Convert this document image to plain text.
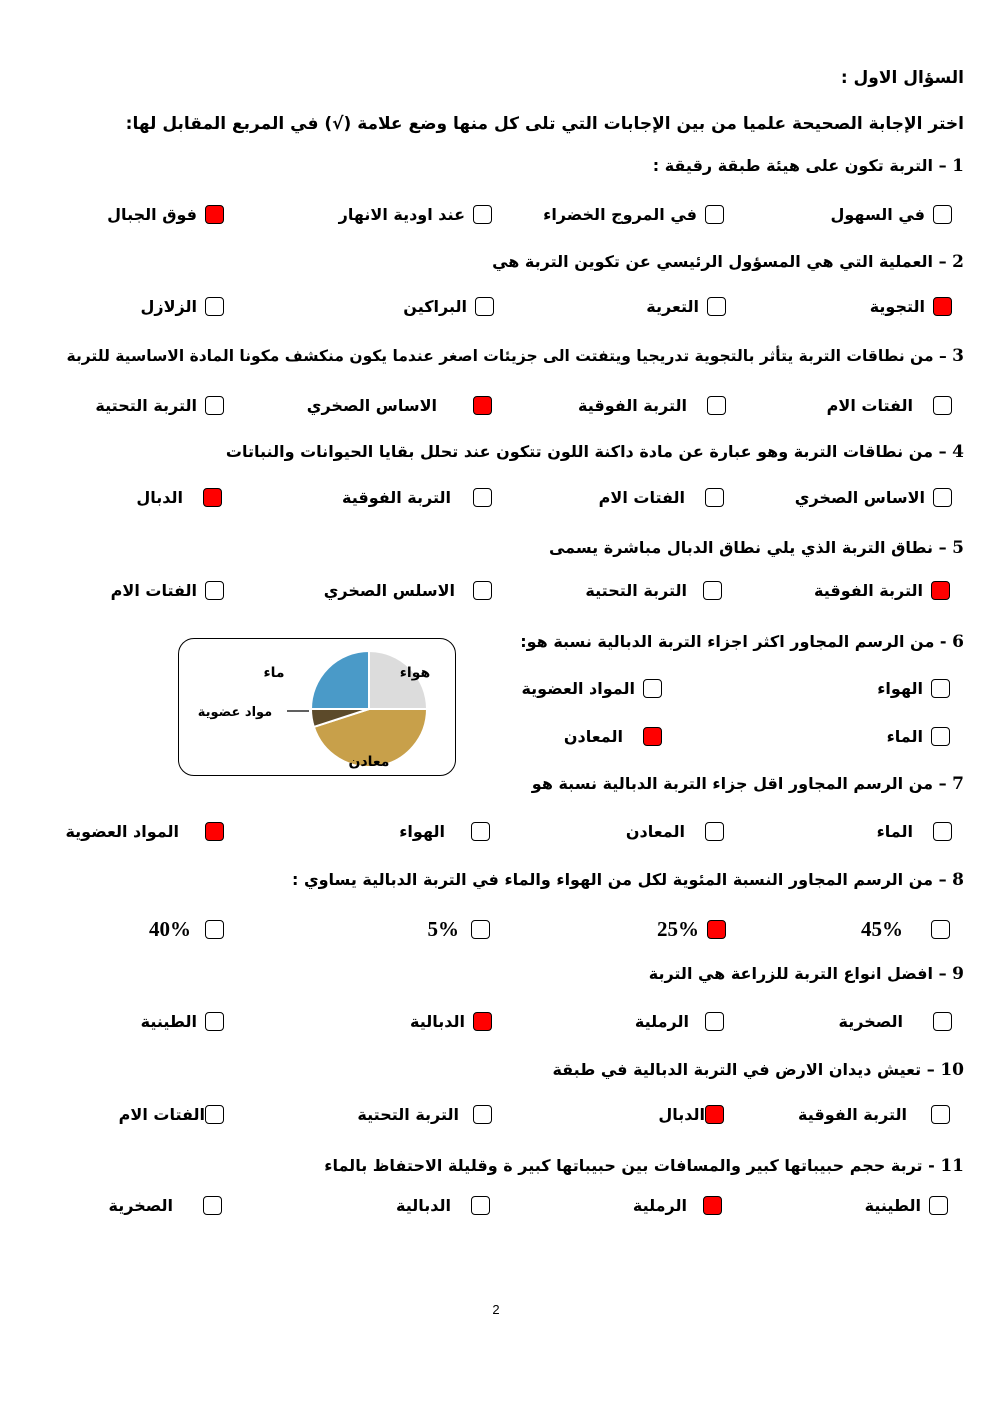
السؤال الاول :
اختر الإجابة الصحيحة علميا من بين الإجابات التي تلى كل منها وضع علامة (√) في المربع المقابل لها:
1 – التربة تكون على هيئة طبقة رقيقة :
2 – العملية التي هي المسؤول الرئيسي عن تكوين التربة هي
3 – من نطاقات التربة يتأثر بالتجوية تدريجيا ويتفتت الى جزيئات اصغر عندما يكون منكشف مكونا المادة الاساسية للتربة
4 – من نطاقات التربة وهو عبارة عن مادة داكنة اللون تتكون عند تحلل بقايا الحيوانات والنباتات
5 – نطاق التربة الذي يلي نطاق الدبال مباشرة يسمى
6 - من الرسم المجاور اكثر اجزاء التربة الدبالية نسبة هو:
7 – من الرسم المجاور اقل جزاء التربة الدبالية نسبة هو
8 – من الرسم المجاور النسبة المئوية لكل من الهواء والماء في التربة الدبالية يساوي :
9 – افضل انواع التربة للزراعة هي التربة
10 – تعيش ديدان الارض في التربة الدبالية في طبقة
11 - تربة حجم حبيباتها كبير والمسافات بين حبيباتها كبير ة وقليلة الاحتفاظ بالماء
في السهول
في المروج الخضراء
عند اودية الانهار
فوق الجبال
التجوية
التعرية
البراكين
الزلازل
الفتات الام
التربة الفوقية
الاساس الصخري
التربة التحتية
الاساس الصخري
الفتات الام
التربة الفوقية
الدبال
التربة الفوقية
التربة التحتية
الاسلس الصخري
الفتات الام
الهواء
المواد العضوية
الماء
المعادن
ماء	هواء
مواد عضوية
معادن
الماء
المعادن
الهواء
المواد العضوية
45%
25%
5%
40%
الصخرية
الرملية
الدبالية
الطينية
التربة الفوقية
الدبال
التربة التحتية
الفتات الام
الطينية
الرملية
الدبالية
الصخرية
2
